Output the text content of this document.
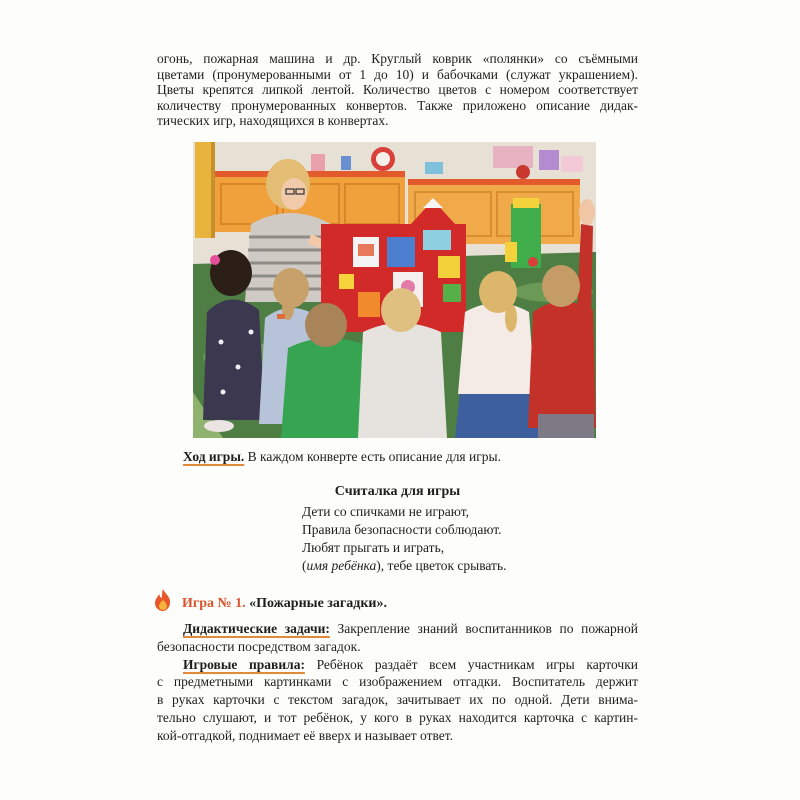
огонь, пожарная машина и др. Круглый коврик «полянки» со съёмными
цветами (пронумерованными от 1 до 10) и бабочками (служат украшением).
Цветы крепятся липкой лентой. Количество цветов с номером соответствует
количеству пронумерованных конвертов. Также приложено описание дидак-
тических игр, находящихся в конвертах.
Ход игры. В каждом конверте есть описание для игры.
Считалка для игры
Дети со спичками не играют,
Правила безопасности соблюдают.
Любят прыгать и играть,
(имя ребёнка), тебе цветок срывать.
Игра № 1. «Пожарные загадки».
Дидактические задачи: Закрепление знаний воспитанников по пожарной
безопасности посредством загадок.
Игровые правила: Ребёнок раздаёт всем участникам игры карточки
с предметными картинками с изображением отгадки. Воспитатель держит
в руках карточки с текстом загадок, зачитывает их по одной. Дети внима-
тельно слушают, и тот ребёнок, у кого в руках находится карточка с картин-
кой-отгадкой, поднимает её вверх и называет ответ.
